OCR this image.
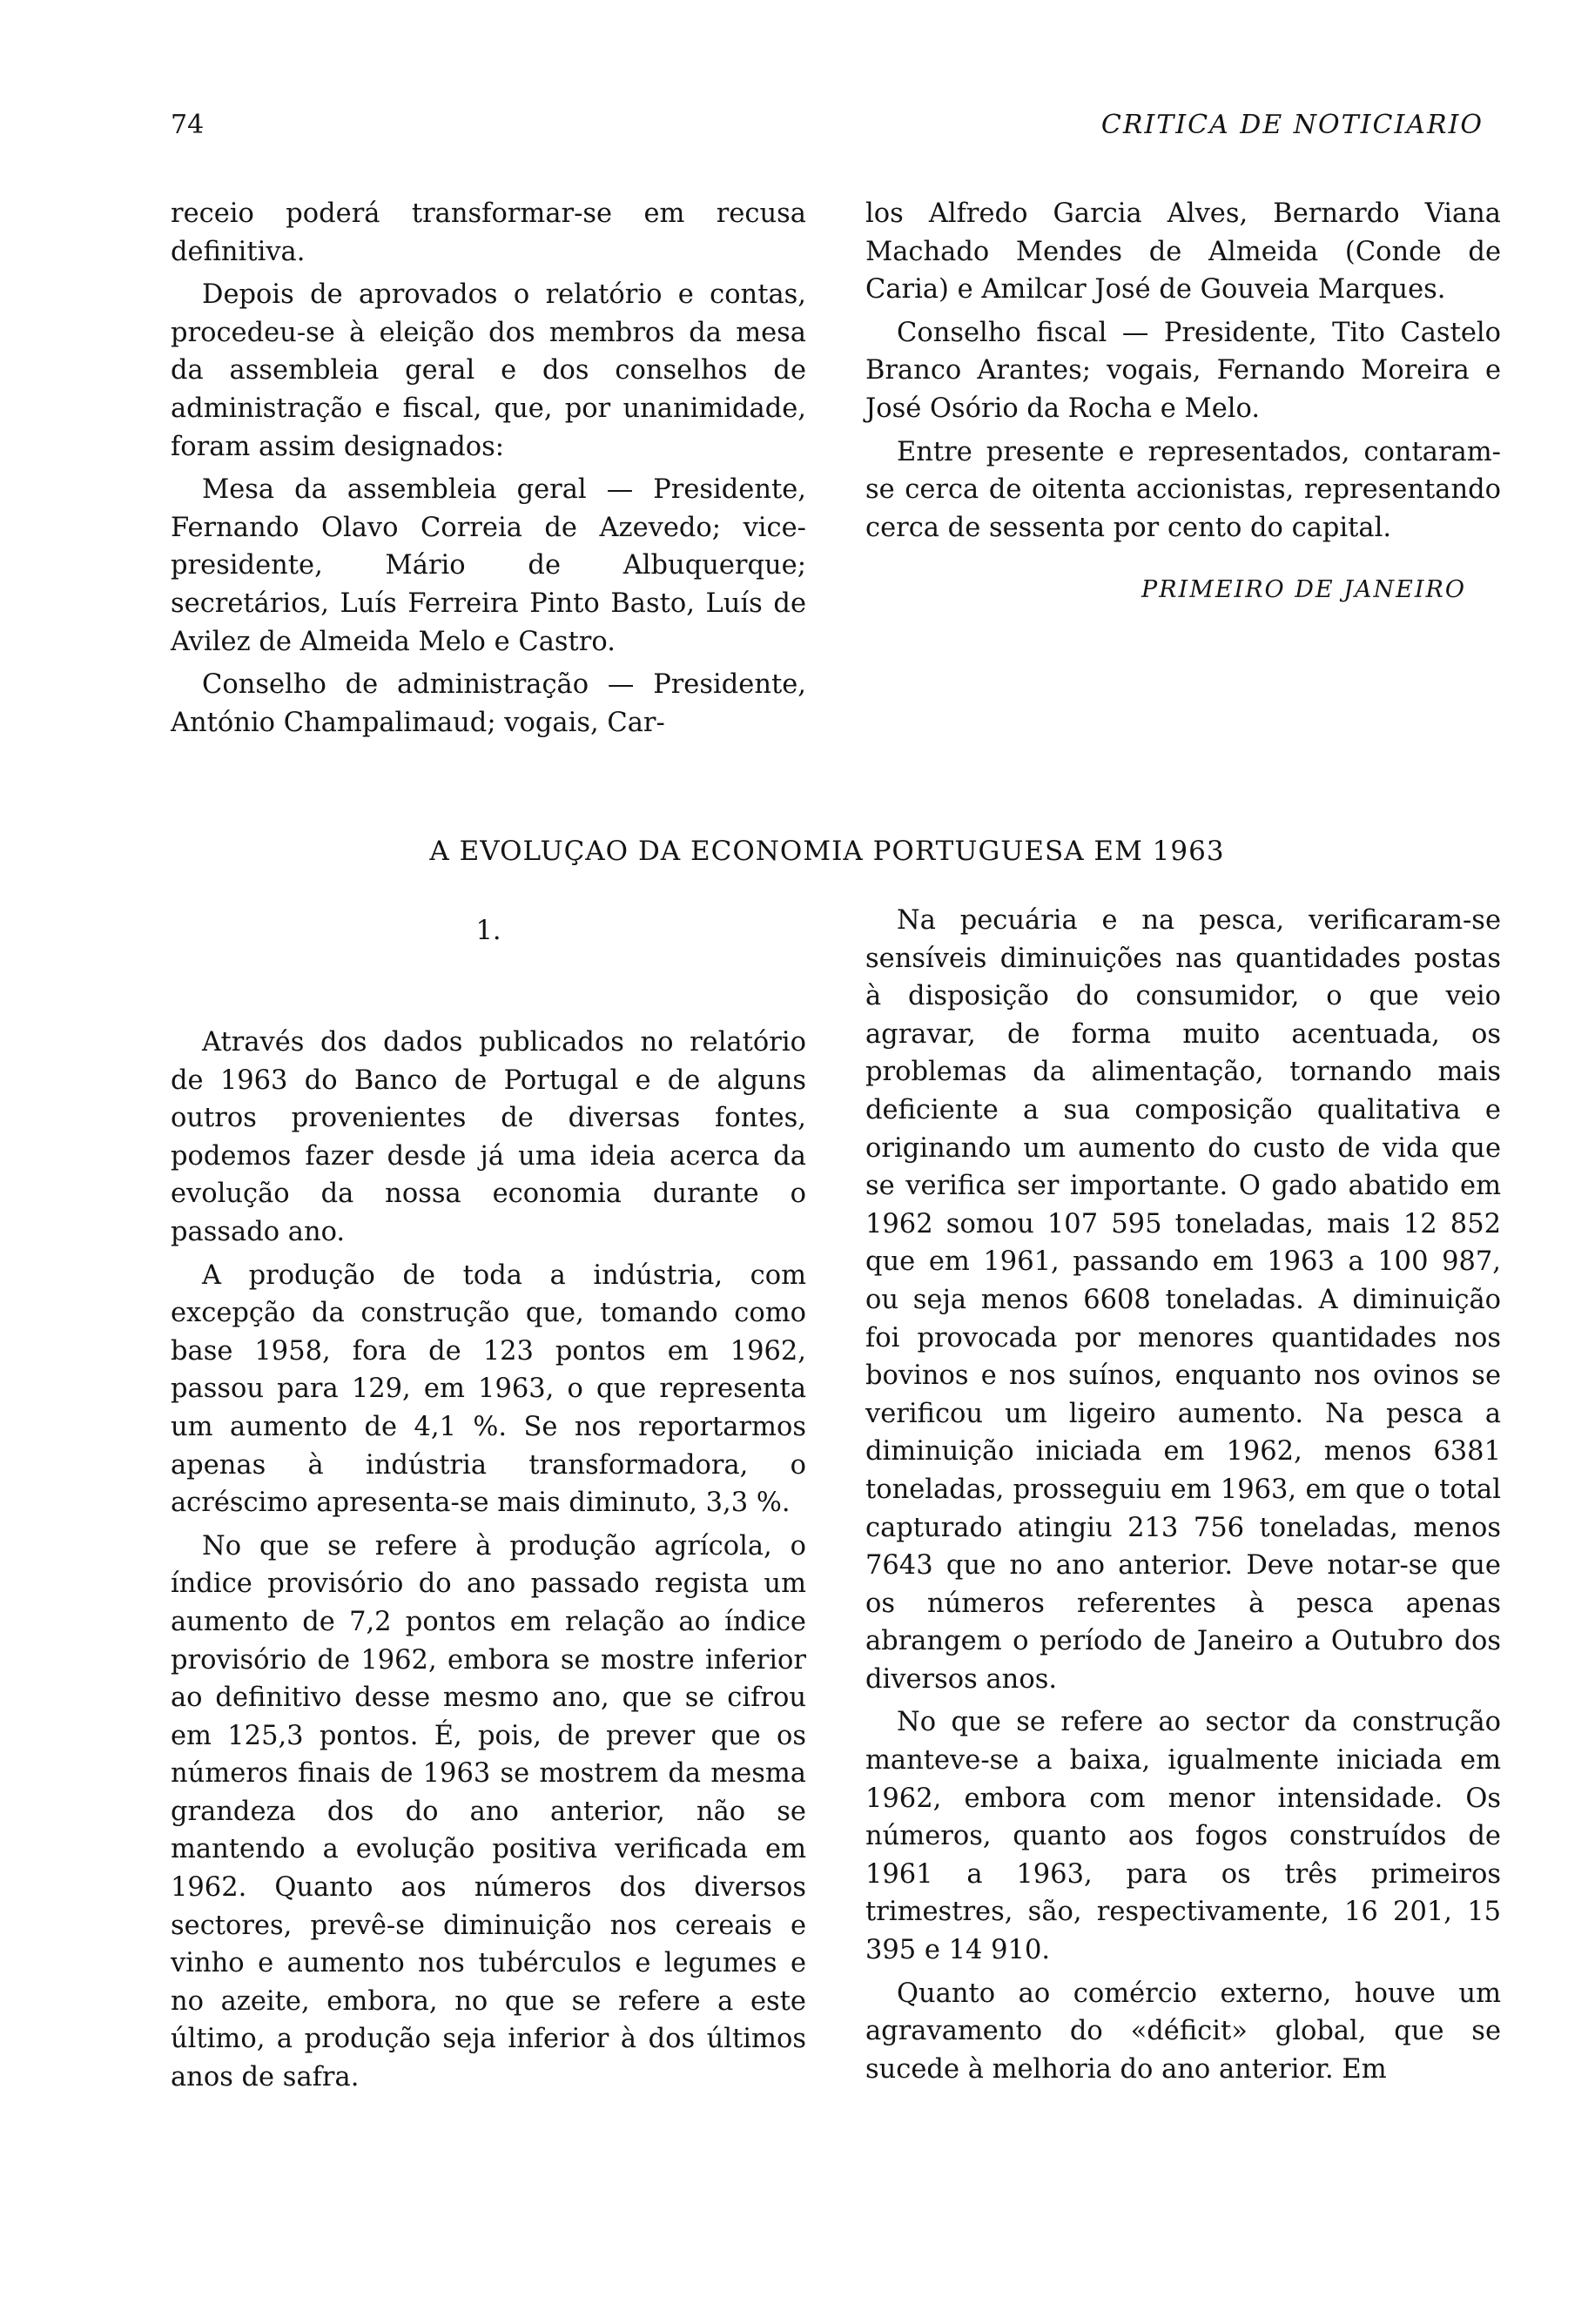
74	CRITICA DE NOTICIARIO

receio poderá transformar-se em recusa definitiva.

Depois de aprovados o relatório e contas, procedeu-se à eleição dos membros da mesa da assembleia geral e dos conselhos de administração e fiscal, que, por unanimidade, foram assim designados:

Mesa da assembleia geral — Presidente, Fernando Olavo Correia de Azevedo; vice-presidente, Mário de Albuquerque; secretários, Luís Ferreira Pinto Basto, Luís de Avilez de Almeida Melo e Castro.

Conselho de administração — Presidente, António Champalimaud; vogais, Car-

los Alfredo Garcia Alves, Bernardo Viana Machado Mendes de Almeida (Conde de Caria) e Amilcar José de Gouveia Marques.

Conselho fiscal — Presidente, Tito Castelo Branco Arantes; vogais, Fernando Moreira e José Osório da Rocha e Melo.

Entre presente e representados, contaram-se cerca de oitenta accionistas, representando cerca de sessenta por cento do capital.

PRIMEIRO DE JANEIRO

A EVOLUÇAO DA ECONOMIA PORTUGUESA EM 1963
1.

Através dos dados publicados no relatório de 1963 do Banco de Portugal e de alguns outros provenientes de diversas fontes, podemos fazer desde já uma ideia acerca da evolução da nossa economia durante o passado ano.

A produção de toda a indústria, com excepção da construção que, tomando como base 1958, fora de 123 pontos em 1962, passou para 129, em 1963, o que representa um aumento de 4,1 %. Se nos reportarmos apenas à indústria transformadora, o acréscimo apresenta-se mais diminuto, 3,3 %.

No que se refere à produção agrícola, o índice provisório do ano passado regista um aumento de 7,2 pontos em relação ao índice provisório de 1962, embora se mostre inferior ao definitivo desse mesmo ano, que se cifrou em 125,3 pontos. É, pois, de prever que os números finais de 1963 se mostrem da mesma grandeza dos do ano anterior, não se mantendo a evolução positiva verificada em 1962. Quanto aos números dos diversos sectores, prevê-se diminuição nos cereais e vinho e aumento nos tubérculos e legumes e no azeite, embora, no que se refere a este último, a produção seja inferior à dos últimos anos de safra.

Na pecuária e na pesca, verificaram-se sensíveis diminuições nas quantidades postas à disposição do consumidor, o que veio agravar, de forma muito acentuada, os problemas da alimentação, tornando mais deficiente a sua composição qualitativa e originando um aumento do custo de vida que se verifica ser importante. O gado abatido em 1962 somou 107 595 toneladas, mais 12 852 que em 1961, passando em 1963 a 100 987, ou seja menos 6608 toneladas. A diminuição foi provocada por menores quantidades nos bovinos e nos suínos, enquanto nos ovinos se verificou um ligeiro aumento. Na pesca a diminuição iniciada em 1962, menos 6381 toneladas, prosseguiu em 1963, em que o total capturado atingiu 213 756 toneladas, menos 7643 que no ano anterior. Deve notar-se que os números referentes à pesca apenas abrangem o período de Janeiro a Outubro dos diversos anos.

No que se refere ao sector da construção manteve-se a baixa, igualmente iniciada em 1962, embora com menor intensidade. Os números, quanto aos fogos construídos de 1961 a 1963, para os três primeiros trimestres, são, respectivamente, 16 201, 15 395 e 14 910.

Quanto ao comércio externo, houve um agravamento do «déficit» global, que se sucede à melhoria do ano anterior. Em
